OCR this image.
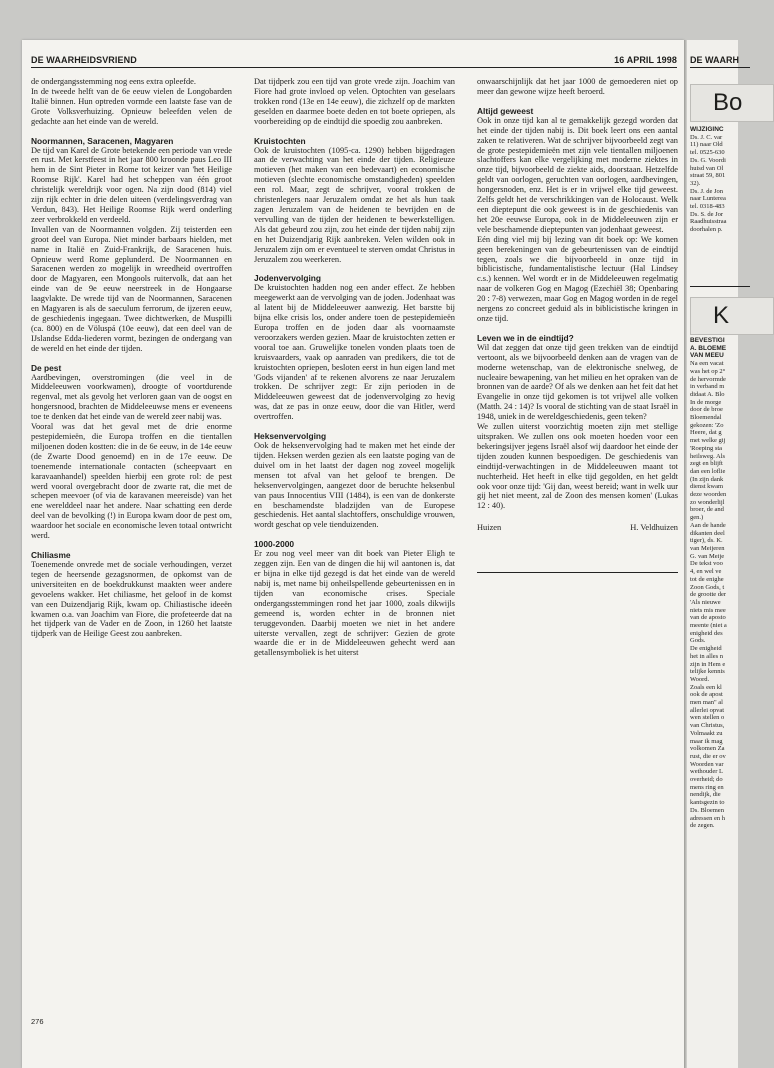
DE WAARHEIDSVRIEND	16 APRIL 1998

de ondergangsstemming nog eens extra opleefde.

In de tweede helft van de 6e eeuw vielen de Longobarden Italië binnen. Hun optreden vormde een laatste fase van de Grote Volksverhuizing. Opnieuw beleefden velen de gedachte aan het einde van de wereld.

Noormannen, Saracenen, Magyaren

De tijd van Karel de Grote betekende een periode van vrede en rust. Met kerstfeest in het jaar 800 kroonde paus Leo III hem in de Sint Pieter in Rome tot keizer van 'het Heilige Roomse Rijk'. Karel had het scheppen van één groot christelijk wereldrijk voor ogen. Na zijn dood (814) viel zijn rijk echter in drie delen uiteen (verdelingsverdrag van Verdun, 843). Het Heilige Roomse Rijk werd onderling zeer verbrokkeld en verdeeld.

Invallen van de Noormannen volgden. Zij teisterden een groot deel van Europa. Niet minder barbaars hielden, met name in Italië en Zuid-Frankrijk, de Saracenen huis. Opnieuw werd Rome geplunderd. De Noormannen en Saracenen werden zo mogelijk in wreedheid overtroffen door de Magyaren, een Mongools ruitervolk, dat aan het einde van de 9e eeuw neerstreek in de Hongaarse laagvlakte. De wrede tijd van de Noormannen, Saracenen en Magyaren is als de saeculum ferrorum, de ijzeren eeuw, de geschiedenis ingegaan. Twee dichtwerken, de Muspilli (ca. 800) en de Völuspá (10e eeuw), dat een deel van de IJslandse Edda-liederen vormt, bezingen de ondergang van de wereld en het einde der tijden.

De pest

Aardbevingen, overstromingen (die veel in de Middeleeuwen voorkwamen), droogte of voortdurende regenval, met als gevolg het verloren gaan van de oogst en hongersnood, brachten de Middeleeuwse mens er eveneens toe te denken dat het einde van de wereld zeer nabij was.

Vooral was dat het geval met de drie enorme pestepidemieën, die Europa troffen en die tientallen miljoenen doden kostten: die in de 6e eeuw, in de 14e eeuw (de Zwarte Dood genoemd) en in de 17e eeuw. De toenemende internationale contacten (scheepvaart en karavaanhandel) speelden hierbij een grote rol: de pest werd vooral overgebracht door de zwarte rat, die met de schepen meevoer (of via de karavanen meereisde) van het ene werelddeel naar het andere. Naar schatting een derde deel van de bevolking (!) in Europa kwam door de pest om, waardoor het sociale en economische leven totaal ontwricht werd.

Chiliasme

Toenemende onvrede met de sociale verhoudingen, verzet tegen de heersende gezagsnormen, de opkomst van de universiteiten en de boekdrukkunst maakten weer andere gevoelens wakker. Het chiliasme, het geloof in de komst van een Duizendjarig Rijk, kwam op. Chiliastische ideeën kwamen o.a. van Joachim van Fiore, die profeteerde dat na het tijdperk van de Vader en de Zoon, in 1260 het laatste tijdperk van de Heilige Geest zou aanbreken.

Dat tijdperk zou een tijd van grote vrede zijn. Joachim van Fiore had grote invloed op velen. Optochten van geselaars trokken rond (13e en 14e eeuw), die zichzelf op de markten geselden en daarmee boete deden en tot boete opriepen, als voorbereiding op de eindtijd die spoedig zou aanbreken.

Kruistochten

Ook de kruistochten (1095-ca. 1290) hebben bijgedragen aan de verwachting van het einde der tijden. Religieuze motieven (het maken van een bedevaart) en economische motieven (slechte economische omstandigheden) speelden een rol. Maar, zegt de schrijver, vooral trokken de christenlegers naar Jeruzalem omdat ze het als hun taak zagen Jeruzalem van de heidenen te bevrijden en de vervulling van de tijden der heidenen te bewerkstelligen. Als dat gebeurd zou zijn, zou het einde der tijden nabij zijn en het Duizendjarig Rijk aanbreken. Velen wilden ook in Jeruzalem zijn om er eventueel te sterven omdat Christus in Jeruzalem zou weerkeren.

Jodenvervolging

De kruistochten hadden nog een ander effect. Ze hebben meegewerkt aan de vervolging van de joden. Jodenhaat was al latent bij de Middeleeuwer aanwezig. Het barstte bij bijna elke crisis los, onder andere toen de pestepidemieën Europa troffen en de joden daar als voornaamste veroorzakers werden gezien. Maar de kruistochten zetten er vooral toe aan. Gruwelijke tonelen vonden plaats toen de kruisvaarders, vaak op aanraden van predikers, die tot de kruistochten opriepen, besloten eerst in hun eigen land met 'Gods vijanden' af te rekenen alvorens ze naar Jeruzalem trokken. De schrijver zegt: Er zijn perioden in de Middeleeuwen geweest dat de jodenvervolging zo hevig was, dat ze pas in onze eeuw, door die van Hitler, werd overtroffen.

Heksenvervolging

Ook de heksenvervolging had te maken met het einde der tijden. Heksen werden gezien als een laatste poging van de duivel om in het laatst der dagen nog zoveel mogelijk mensen tot afval van het geloof te brengen. De heksenvervolgingen, aangezet door de beruchte heksenbul van paus Innocentius VIII (1484), is een van de donkerste en beschamendste bladzijden van de Europese geschiedenis. Het aantal slachtoffers, onschuldige vrouwen, wordt geschat op vele tienduizenden.

1000-2000

Er zou nog veel meer van dit boek van Pieter Eligh te zeggen zijn. Een van de dingen die hij wil aantonen is, dat er bijna in elke tijd gezegd is dat het einde van de wereld nabij is, met name bij onheilspellende gebeurtenissen en in tijden van economische crises. Speciale ondergangsstemmingen rond het jaar 1000, zoals dikwijls gemeend is, worden echter in de bronnen niet teruggevonden. Daarbij moeten we niet in het andere uiterste vervallen, zegt de schrijver: Gezien de grote waarde die er in de Middeleeuwen gehecht werd aan getallensymboliek is het uiterst

onwaarschijnlijk dat het jaar 1000 de gemoederen niet op meer dan gewone wijze heeft beroerd.

Altijd geweest

Ook in onze tijd kan al te gemakkelijk gezegd worden dat het einde der tijden nabij is. Dit boek leert ons een aantal zaken te relativeren. Wat de schrijver bijvoorbeeld zegt van de grote pestepidemieën met zijn vele tientallen miljoenen slachtoffers kan elke vergelijking met moderne ziektes in onze tijd, bijvoorbeeld de ziekte aids, doorstaan. Hetzelfde geldt van oorlogen, geruchten van oorlogen, aardbevingen, hongersnoden, enz. Het is er in vrijwel elke tijd geweest. Zelfs geldt het de verschrikkingen van de Holocaust. Welk een dieptepunt die ook geweest is in de geschiedenis van het 20e eeuwse Europa, ook in de Middeleeuwen zijn er vele beschamende dieptepunten van jodenhaat geweest.

Eén ding viel mij bij lezing van dit boek op: We komen geen berekeningen van de gebeurtenissen van de eindtijd tegen, zoals we die bijvoorbeeld in onze tijd in biblicistische, fundamentalistische lectuur (Hal Lindsey c.s.) kennen. Wel wordt er in de Middeleeuwen regelmatig naar de volkeren Gog en Magog (Ezechiël 38; Openbaring 20 : 7-8) verwezen, maar Gog en Magog worden in de regel nergens zo concreet geduid als in biblicistische kringen in onze tijd.

Leven we in de eindtijd?

Wil dat zeggen dat onze tijd geen trekken van de eindtijd vertoont, als we bijvoorbeeld denken aan de vragen van de moderne wetenschap, van de elektronische snelweg, de nucleaire bewapening, van het milieu en het opraken van de bronnen van de aarde? Of als we denken aan het feit dat het Evangelie in onze tijd gekomen is tot vrijwel alle volken (Matth. 24 : 14)? Is vooral de stichting van de staat Israël in 1948, uniek in de wereldgeschiedenis, geen teken?

We zullen uiterst voorzichtig moeten zijn met stellige uitspraken. We zullen ons ook moeten hoeden voor een bekeringsijver jegens Israël alsof wij daardoor het einde der tijden zouden kunnen bespoedigen. De geschiedenis van eindtijd-verwachtingen in de Middeleeuwen maant tot nuchterheid. Het heeft in elke tijd gegolden, en het geldt ook voor onze tijd: 'Gij dan, weest bereid; want in welk uur gij het niet meent, zal de Zoon des mensen komen' (Lukas 12 : 40).

Huizen	H. Veldhuizen
276
DE WAARH
Bo
WIJZIGINC
Ds. J. C. var
11) naar Old
tel. 0525-630
Ds. G. Voordi
huisd van Ol
straat 59, 801
32).
Ds. J. de Jon
naar Lunterea
tel. 0318-483
Ds. S. de Jor
Raadhuisstraa
doorhalen p.
K
BEVESTIGI
A. BLOEME
VAN MEEU
Na een vacat
was het op 2°
de hervormde
in verband m
didaat A. Blo
In de morge
door de broe
Bloemendal
gekozen: 'Zo
Heere, dat g
met welke gij
'Roeping sta
heilsweg. Als
zegt en blijft
dan een loflie
(In zijn dank
dienst kwam
deze woorden
zo wonderlijl
broer, de and
gen.)
Aan de hande
dikanten deel
tiger), ds. K.
van Meijeren
G. van Meije
De tekst voo
4, en wel ve
tot de enighe
Zoon Gods, t
de grootte der
'Als nieuwe
niets mis mee
van de aposto
meente (niet a
enigheid des
Gods.
De enigheid
het in alles n
zijn in Hem e
telijke kennis
Woord.
Zoals een kl
ook de apost
men man" al
allerlei opvat
wen stellen o
van Christus,
Volmaakt zu
maar ik mag
volkomen Za
rust, die er ov
Woorden var
wethouder L
overheid; do
mens ring en
nendijk, die
kantsgezin to
Ds. Bloemen
adressen en h
de zegen.
